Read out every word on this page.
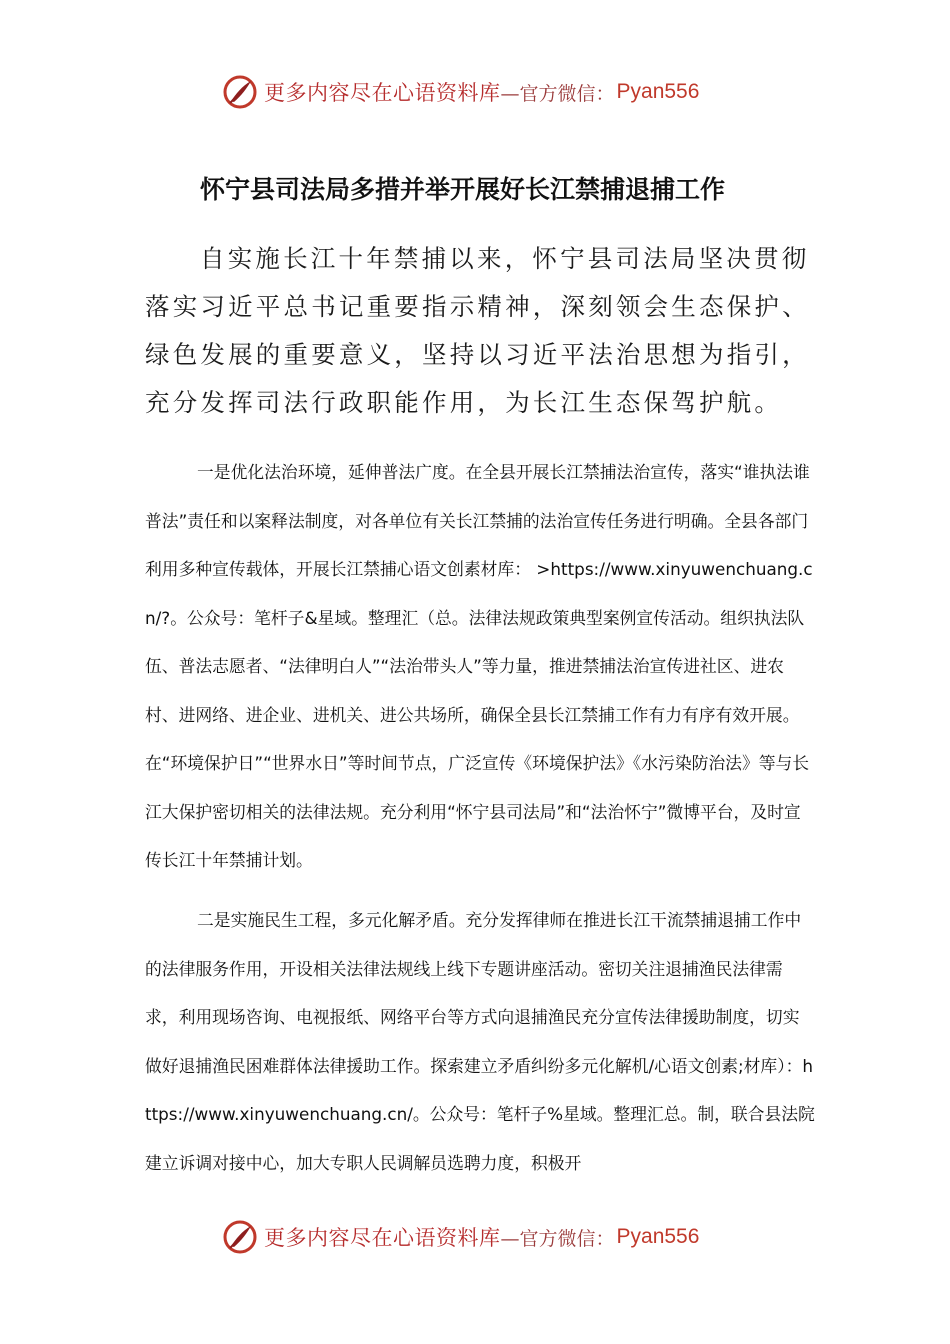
更多内容尽在心语资料库 —官方微信： Pyan556
怀宁县司法局多措并举开展好长江禁捕退捕工作

自实施长江十年禁捕以来，怀宁县司法局坚决贯彻落实习近平总书记重要指示精神，深刻领会生态保护、绿色发展的重要意义，坚持以习近平法治思想为指引，充分发挥司法行政职能作用，为长江生态保驾护航。

一是优化法治环境，延伸普法广度。在全县开展长江禁捕法治宣传，落实“谁执法谁普法”责任和以案释法制度，对各单位有关长江禁捕的法治宣传任务进行明确。全县各部门利用多种宣传载体，开展长江禁捕心语文创素材库： >https://www.xinyuwenchuang.cn/?。公众号：笔杆子&星域。整理汇（总。法律法规政策典型案例宣传活动。组织执法队伍、普法志愿者、“法律明白人”“法治带头人”等力量，推进禁捕法治宣传进社区、进农村、进网络、进企业、进机关、进公共场所，确保全县长江禁捕工作有力有序有效开展。在“环境保护日”“世界水日”等时间节点，广泛宣传《环境保护法》《水污染防治法》等与长江大保护密切相关的法律法规。充分利用“怀宁县司法局”和“法治怀宁”微博平台，及时宣传长江十年禁捕计划。

二是实施民生工程，多元化解矛盾。充分发挥律师在推进长江干流禁捕退捕工作中的法律服务作用，开设相关法律法规线上线下专题讲座活动。密切关注退捕渔民法律需求，利用现场咨询、电视报纸、网络平台等方式向退捕渔民充分宣传法律援助制度，切实做好退捕渔民困难群体法律援助工作。探索建立矛盾纠纷多元化解机/心语文创素;材库）：https://www.xinyuwenchuang.cn/。公众号：笔杆子%星域。整理汇总。制，联合县法院建立诉调对接中心，加大专职人民调解员选聘力度，积极开

更多内容尽在心语资料库 —官方微信： Pyan556
